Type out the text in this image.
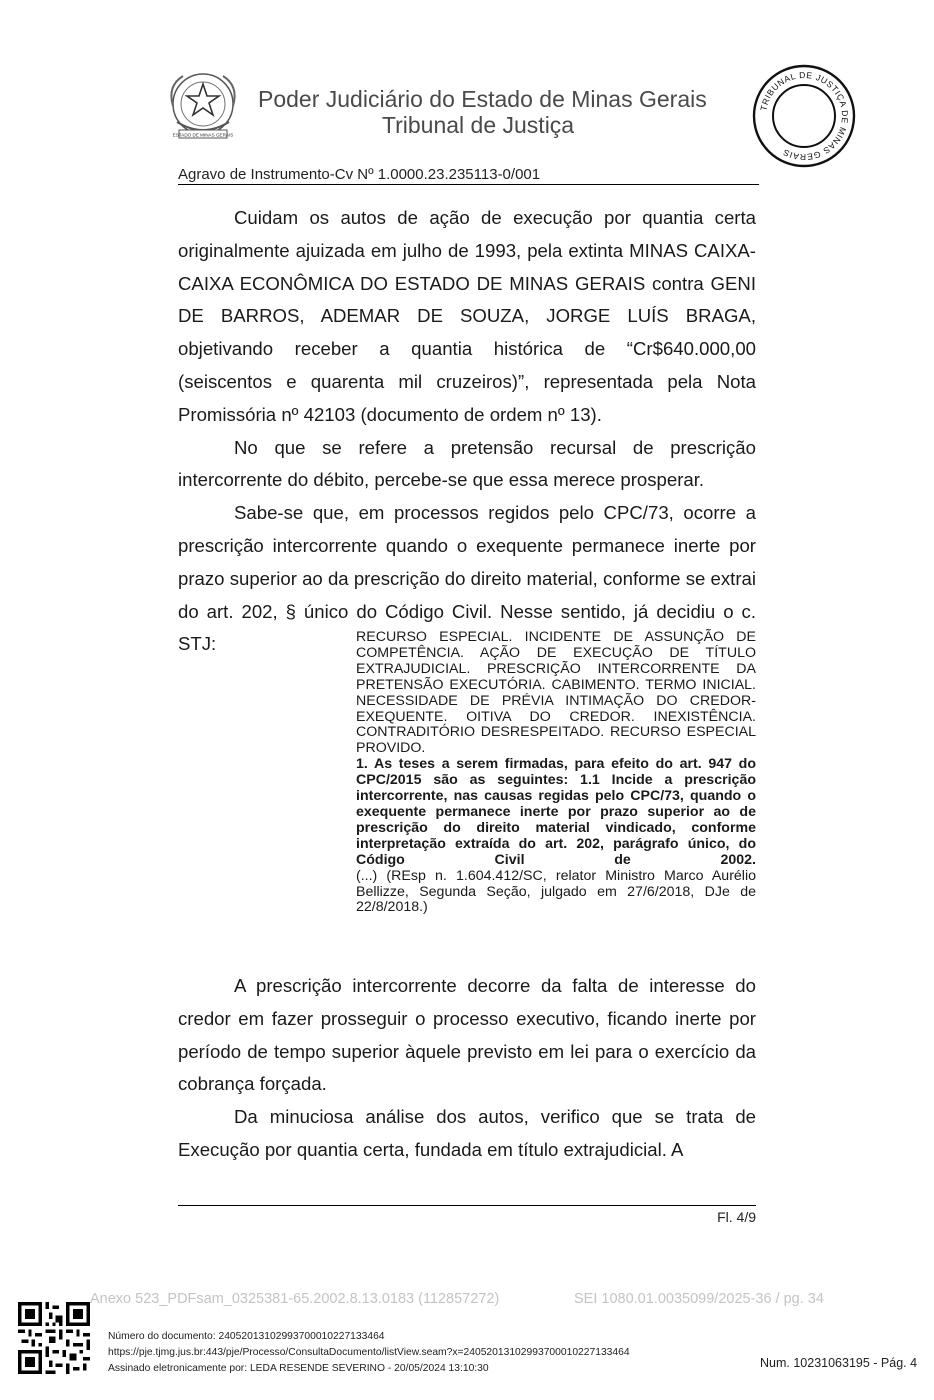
ESTADO DE MINAS GERAIS
Poder Judiciário do Estado de Minas Gerais
Tribunal de Justiça
TRIBUNAL DE JUSTIÇA DE MINAS GERAIS
Agravo de Instrumento-Cv Nº 1.0000.23.235113-0/001

Cuidam os autos de ação de execução por quantia certa originalmente ajuizada em julho de 1993, pela extinta MINAS CAIXA-CAIXA ECONÔMICA DO ESTADO DE MINAS GERAIS contra GENI DE BARROS, ADEMAR DE SOUZA, JORGE LUÍS BRAGA, objetivando receber a quantia histórica de “Cr$640.000,00 (seiscentos e quarenta mil cruzeiros)”, representada pela Nota Promissória nº 42103 (documento de ordem nº 13).

No que se refere a pretensão recursal de prescrição intercorrente do débito, percebe-se que essa merece prosperar.

Sabe-se que, em processos regidos pelo CPC/73, ocorre a prescrição intercorrente quando o exequente permanece inerte por prazo superior ao da prescrição do direito material, conforme se extrai do art. 202, § único do Código Civil. Nesse sentido, já decidiu o c. STJ:	RECURSO ESPECIAL. INCIDENTE DE ASSUNÇÃO DE COMPETÊNCIA. AÇÃO DE EXECUÇÃO DE TÍTULO EXTRAJUDICIAL. PRESCRIÇÃO INTERCORRENTE DA PRETENSÃO EXECUTÓRIA. CABIMENTO. TERMO INICIAL. NECESSIDADE DE PRÉVIA INTIMAÇÃO DO CREDOR-EXEQUENTE. OITIVA DO CREDOR. INEXISTÊNCIA. CONTRADITÓRIO DESRESPEITADO. RECURSO ESPECIAL PROVIDO.
1. As teses a serem firmadas, para efeito do art. 947 do CPC/2015 são as seguintes: 1.1 Incide a prescrição intercorrente, nas causas regidas pelo CPC/73, quando o exequente permanece inerte por prazo superior ao de prescrição do direito material vindicado, conforme interpretação extraída do art. 202, parágrafo único, do Código Civil de 2002.
(...) (REsp n. 1.604.412/SC, relator Ministro Marco Aurélio Bellizze, Segunda Seção, julgado em 27/6/2018, DJe de 22/8/2018.)

A prescrição intercorrente decorre da falta de interesse do credor em fazer prosseguir o processo executivo, ficando inerte por período de tempo superior àquele previsto em lei para o exercício da cobrança forçada.

Da minuciosa análise dos autos, verifico que se trata de Execução por quantia certa, fundada em título extrajudicial. A

Fl. 4/9
Anexo 523_PDFsam_0325381-65.2002.8.13.0183 (112857272)	SEI 1080.01.0035099/2025-36 / pg. 34
Número do documento: 24052013102993700010227133464
https://pje.tjmg.jus.br:443/pje/Processo/ConsultaDocumento/listView.seam?x=24052013102993700010227133464
Assinado eletronicamente por: LEDA RESENDE SEVERINO - 20/05/2024 13:10:30	Num. 10231063195 - Pág. 4
